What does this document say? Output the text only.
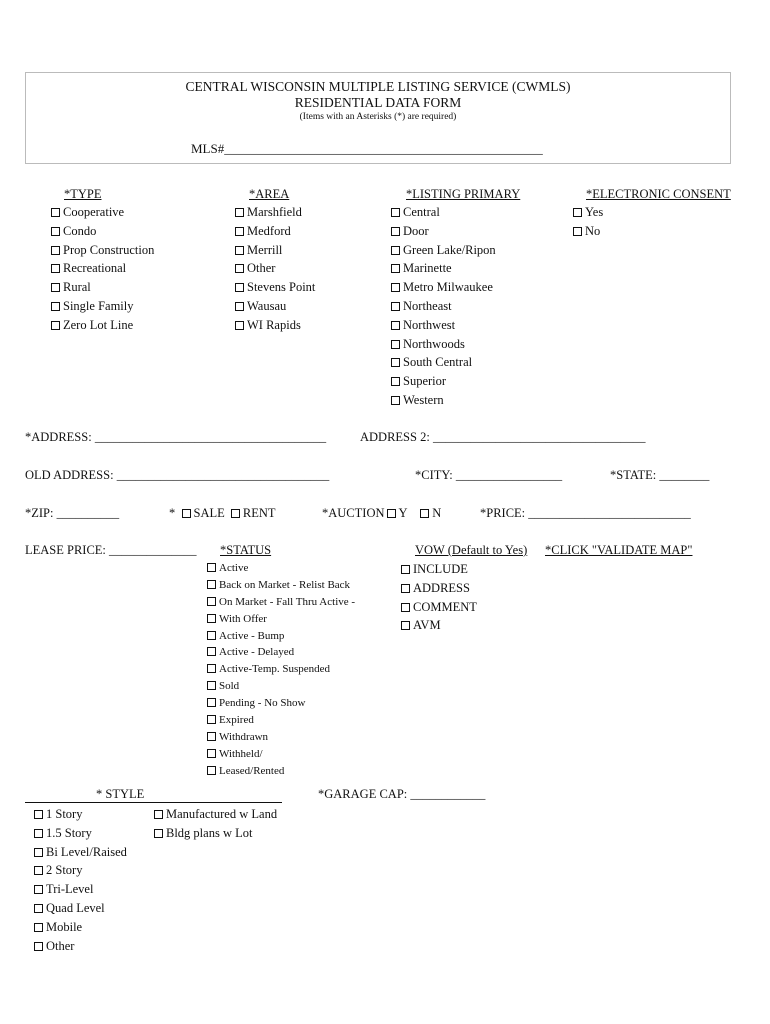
CENTRAL WISCONSIN MULTIPLE LISTING SERVICE (CWMLS)
RESIDENTIAL DATA FORM
(Items with an Asterisks (*) are required)
MLS#_________________________________________________
*TYPE
Cooperative
Condo
Prop Construction
Recreational
Rural
Single Family
Zero Lot Line
*AREA
Marshfield
Medford
Merrill
Other
Stevens Point
Wausau
WI Rapids
*LISTING PRIMARY
Central
Door
Green Lake/Ripon
Marinette
Metro Milwaukee
Northeast
Northwest
Northwoods
South Central
Superior
Western
*ELECTRONIC CONSENT
Yes
No
*ADDRESS: _____________________________________	ADDRESS 2: __________________________________
OLD ADDRESS: __________________________________	*CITY: _________________	*STATE: ________
*ZIP: __________	* SALE RENT	*AUCTION Y N	*PRICE: __________________________
LEASE PRICE: ______________ *STATUS
Active
Back on Market - Relist Back
On Market - Fall Thru Active -
With Offer
Active - Bump
Active - Delayed
Active-Temp. Suspended
Sold
Pending - No Show
Expired
Withdrawn
Withheld/
Leased/Rented
VOW (Default to Yes)
INCLUDE
ADDRESS
COMMENT
AVM
*CLICK "VALIDATE MAP"
* STYLE
1 Story
1.5 Story
Bi Level/Raised
2 Story
Tri-Level
Quad Level
Mobile
Other
Manufactured w Land
Bldg plans w Lot
*GARAGE CAP: ____________
